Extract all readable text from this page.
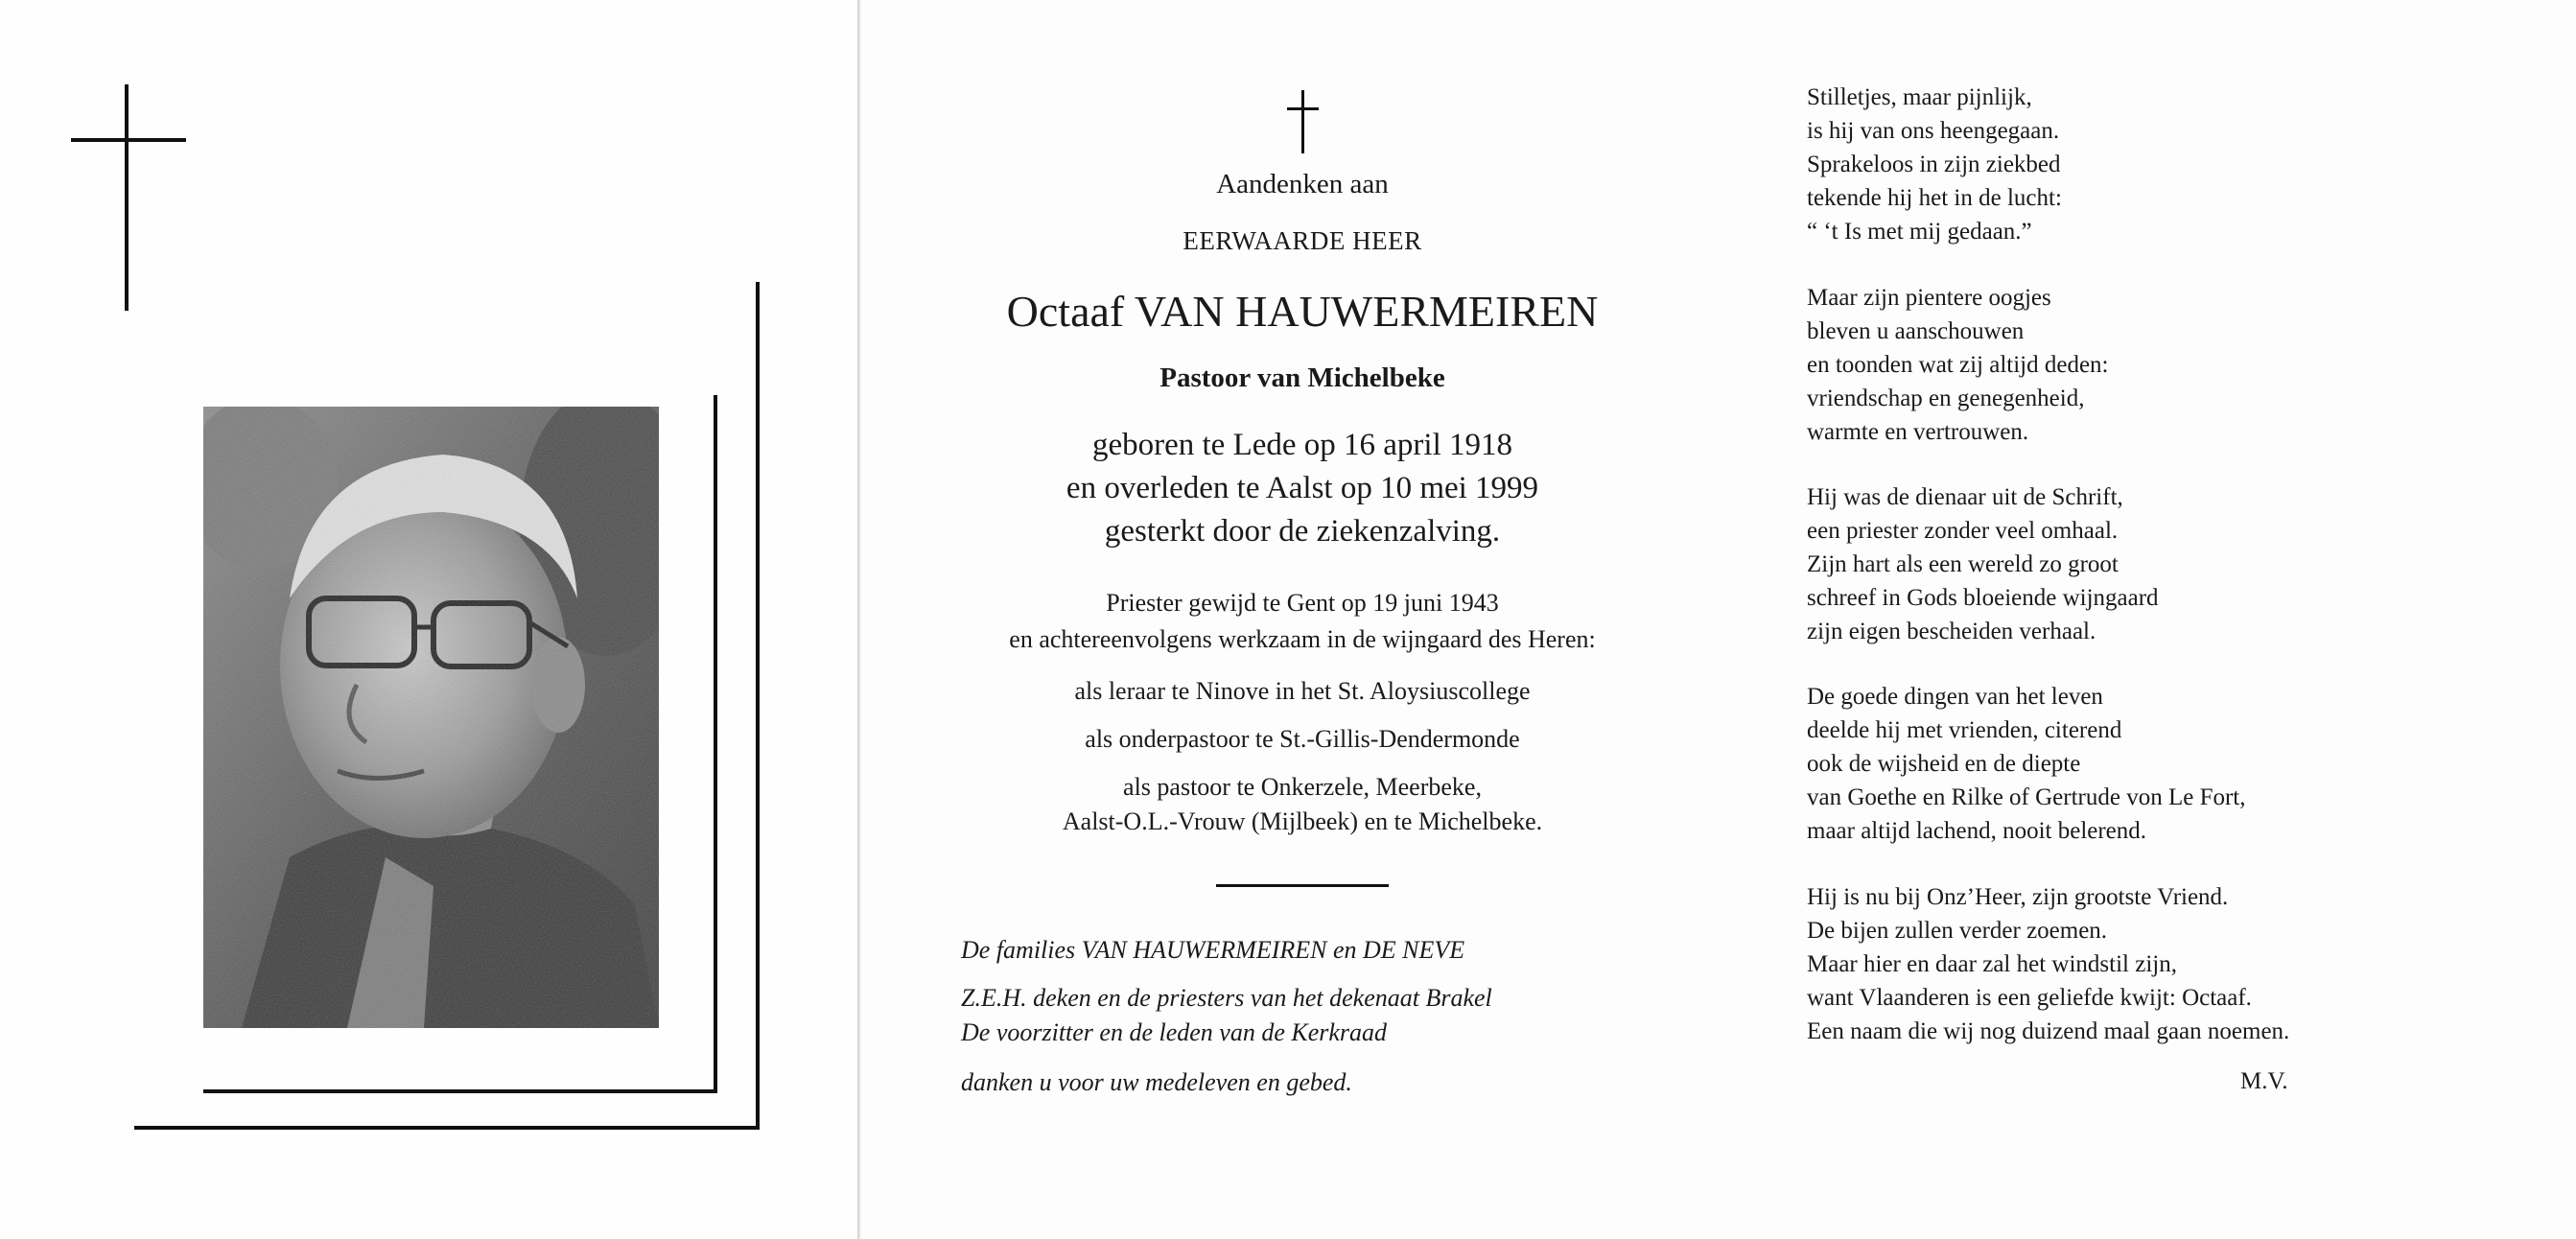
Aandenken aan
EERWAARDE HEER
Octaaf VAN HAUWERMEIREN
Pastoor van Michelbeke
geboren te Lede op 16 april 1918
en overleden te Aalst op 10 mei 1999
gesterkt door de ziekenzalving.
Priester gewijd te Gent op 19 juni 1943
en achtereenvolgens werkzaam in de wijngaard des Heren:
als leraar te Ninove in het St. Aloysiuscollege
als onderpastoor te St.-Gillis-Dendermonde
als pastoor te Onkerzele, Meerbeke,
Aalst-O.L.-Vrouw (Mijlbeek) en te Michelbeke.
De families VAN HAUWERMEIREN en DE NEVE
Z.E.H. deken en de priesters van het dekenaat Brakel
De voorzitter en de leden van de Kerkraad
danken u voor uw medeleven en gebed.
Stilletjes, maar pijnlijk,
is hij van ons heengegaan.
Sprakeloos in zijn ziekbed
tekende hij het in de lucht:
“ ‘t Is met mij gedaan.”
Maar zijn pientere oogjes
bleven u aanschouwen
en toonden wat zij altijd deden:
vriendschap en genegenheid,
warmte en vertrouwen.
Hij was de dienaar uit de Schrift,
een priester zonder veel omhaal.
Zijn hart als een wereld zo groot
schreef in Gods bloeiende wijngaard
zijn eigen bescheiden verhaal.
De goede dingen van het leven
deelde hij met vrienden, citerend
ook de wijsheid en de diepte
van Goethe en Rilke of Gertrude von Le Fort,
maar altijd lachend, nooit belerend.
Hij is nu bij Onz’Heer, zijn grootste Vriend.
De bijen zullen verder zoemen.
Maar hier en daar zal het windstil zijn,
want Vlaanderen is een geliefde kwijt: Octaaf.
Een naam die wij nog duizend maal gaan noemen.
M.V.
